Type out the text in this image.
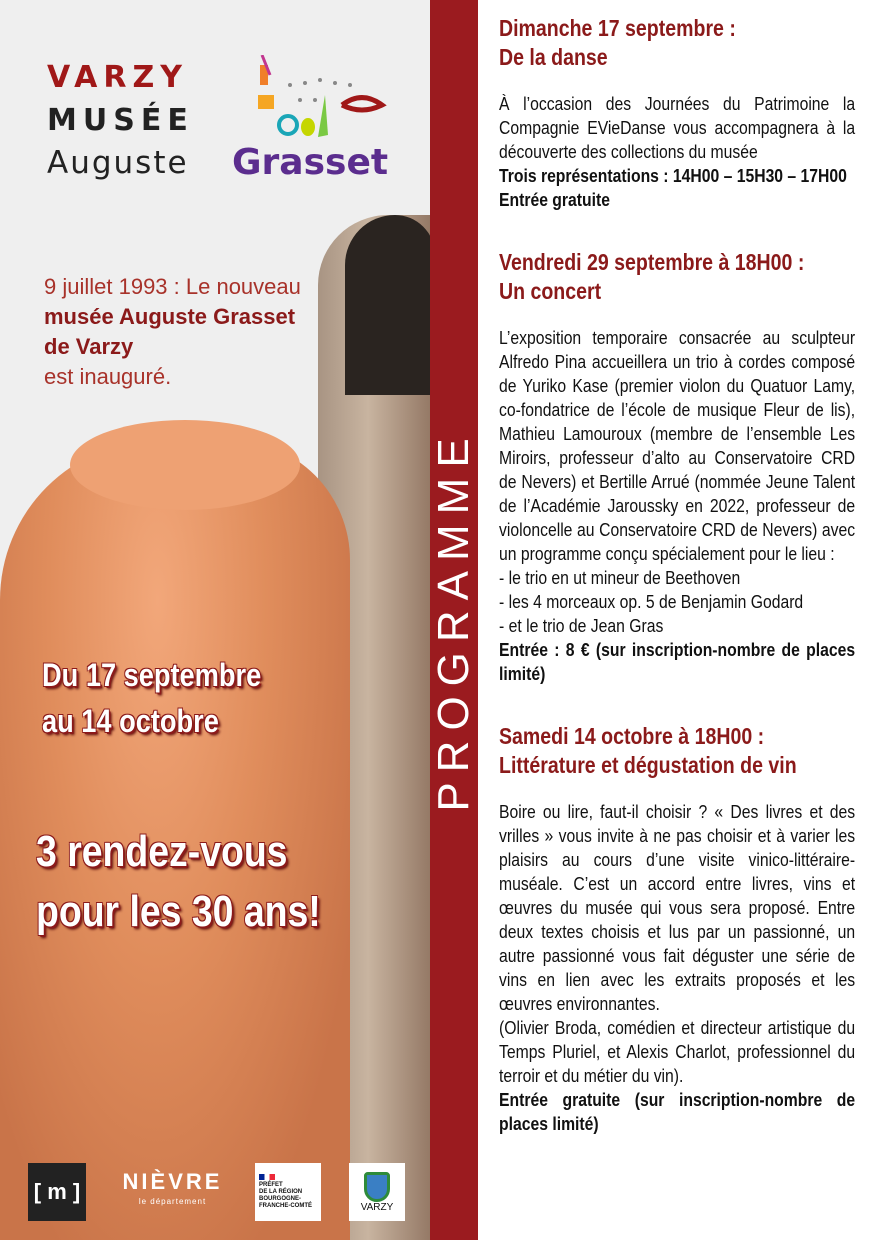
VARZY
MUSÉE
Auguste Grasset
9 juillet 1993 : Le nouveau
musée Auguste Grasset
de Varzy
est inauguré.
Du 17 septembre
au 14 octobre
3 rendez-vous
pour les 30 ans!
[ m ] NIÈVRE
le département
PRÉFET
DE LA RÉGION
BOURGOGNE-
FRANCHE-COMTÉ	VARZY
PROGRAMME
Dimanche 17 septembre :
De la danse

À l’occasion des Journées du Patrimoine la Compagnie EVieDanse vous accompagnera à la découverte des collections du musée

Trois représentations : 14H00 – 15H30 – 17H00

Entrée gratuite

Vendredi 29 septembre à 18H00 :
Un concert

L’exposition temporaire consacrée au sculpteur Alfredo Pina accueillera un trio à cordes composé de Yuriko Kase (premier violon du Quatuor Lamy, co-fondatrice de l’école de musique Fleur de lis), Mathieu Lamouroux (membre de l’ensemble Les Miroirs, professeur d’alto au Conservatoire CRD de Nevers) et Bertille Arrué (nommée Jeune Talent de l’Académie Jaroussky en 2022, professeur de violoncelle au Conservatoire CRD de Nevers) avec un programme conçu spécialement pour le lieu :

- le trio en ut mineur de Beethoven

- les 4 morceaux op. 5 de Benjamin Godard

- et le trio de Jean Gras

Entrée : 8 € (sur inscription-nombre de places limité)

Samedi 14 octobre à 18H00 :
Littérature et dégustation de vin

Boire ou lire, faut-il choisir ? « Des livres et des vrilles » vous invite à ne pas choisir et à varier les plaisirs au cours d’une visite vinico-littéraire-muséale. C’est un accord entre livres, vins et œuvres du musée qui vous sera proposé. Entre deux textes choisis et lus par un passionné, un autre passionné vous fait déguster une série de vins en lien avec les extraits proposés et les œuvres environnantes.

(Olivier Broda, comédien et directeur artistique du Temps Pluriel, et Alexis Charlot, professionnel du terroir et du métier du vin).

Entrée gratuite (sur inscription-nombre de places limité)
